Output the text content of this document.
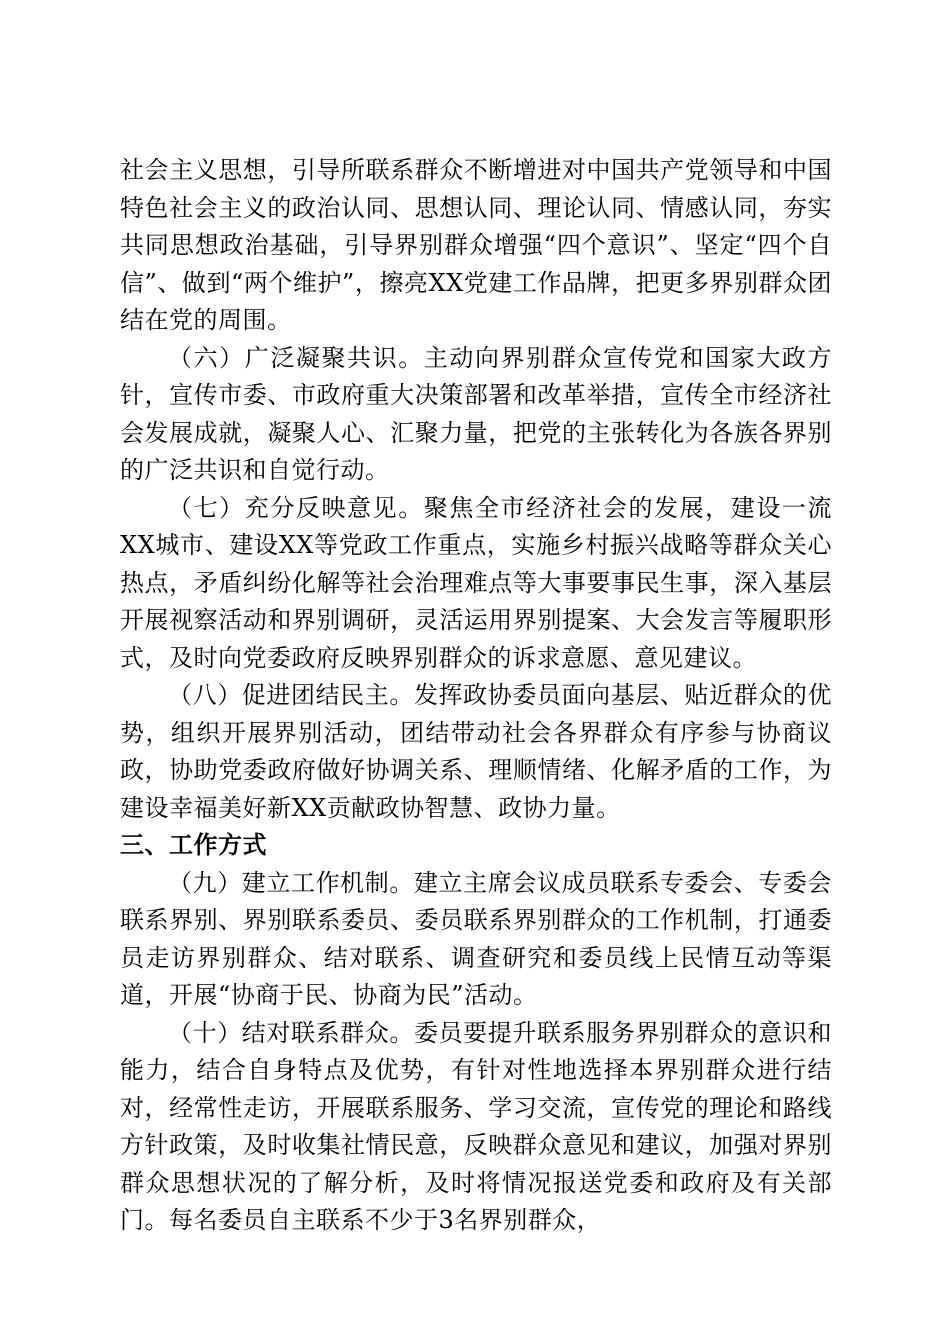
社会主义思想，引导所联系群众不断增进对中国共产党领导和中国特色社会主义的政治认同、思想认同、理论认同、情感认同，夯实共同思想政治基础，引导界别群众增强“四个意识”、坚定“四个自信”、做到“两个维护”，擦亮XX党建工作品牌，把更多界别群众团结在党的周围。

（六）广泛凝聚共识。主动向界别群众宣传党和国家大政方针，宣传市委、市政府重大决策部署和改革举措，宣传全市经济社会发展成就，凝聚人心、汇聚力量，把党的主张转化为各族各界别的广泛共识和自觉行动。

（七）充分反映意见。聚焦全市经济社会的发展，建设一流XX城市、建设XX等党政工作重点，实施乡村振兴战略等群众关心热点，矛盾纠纷化解等社会治理难点等大事要事民生事，深入基层开展视察活动和界别调研，灵活运用界别提案、大会发言等履职形式，及时向党委政府反映界别群众的诉求意愿、意见建议。

（八）促进团结民主。发挥政协委员面向基层、贴近群众的优势，组织开展界别活动，团结带动社会各界群众有序参与协商议政，协助党委政府做好协调关系、理顺情绪、化解矛盾的工作，为建设幸福美好新XX贡献政协智慧、政协力量。

三、工作方式

（九）建立工作机制。建立主席会议成员联系专委会、专委会联系界别、界别联系委员、委员联系界别群众的工作机制，打通委员走访界别群众、结对联系、调查研究和委员线上民情互动等渠道，开展“协商于民、协商为民”活动。

（十）结对联系群众。委员要提升联系服务界别群众的意识和能力，结合自身特点及优势，有针对性地选择本界别群众进行结对，经常性走访，开展联系服务、学习交流，宣传党的理论和路线方针政策，及时收集社情民意，反映群众意见和建议，加强对界别群众思想状况的了解分析，及时将情况报送党委和政府及有关部门。每名委员自主联系不少于3名界别群众，
